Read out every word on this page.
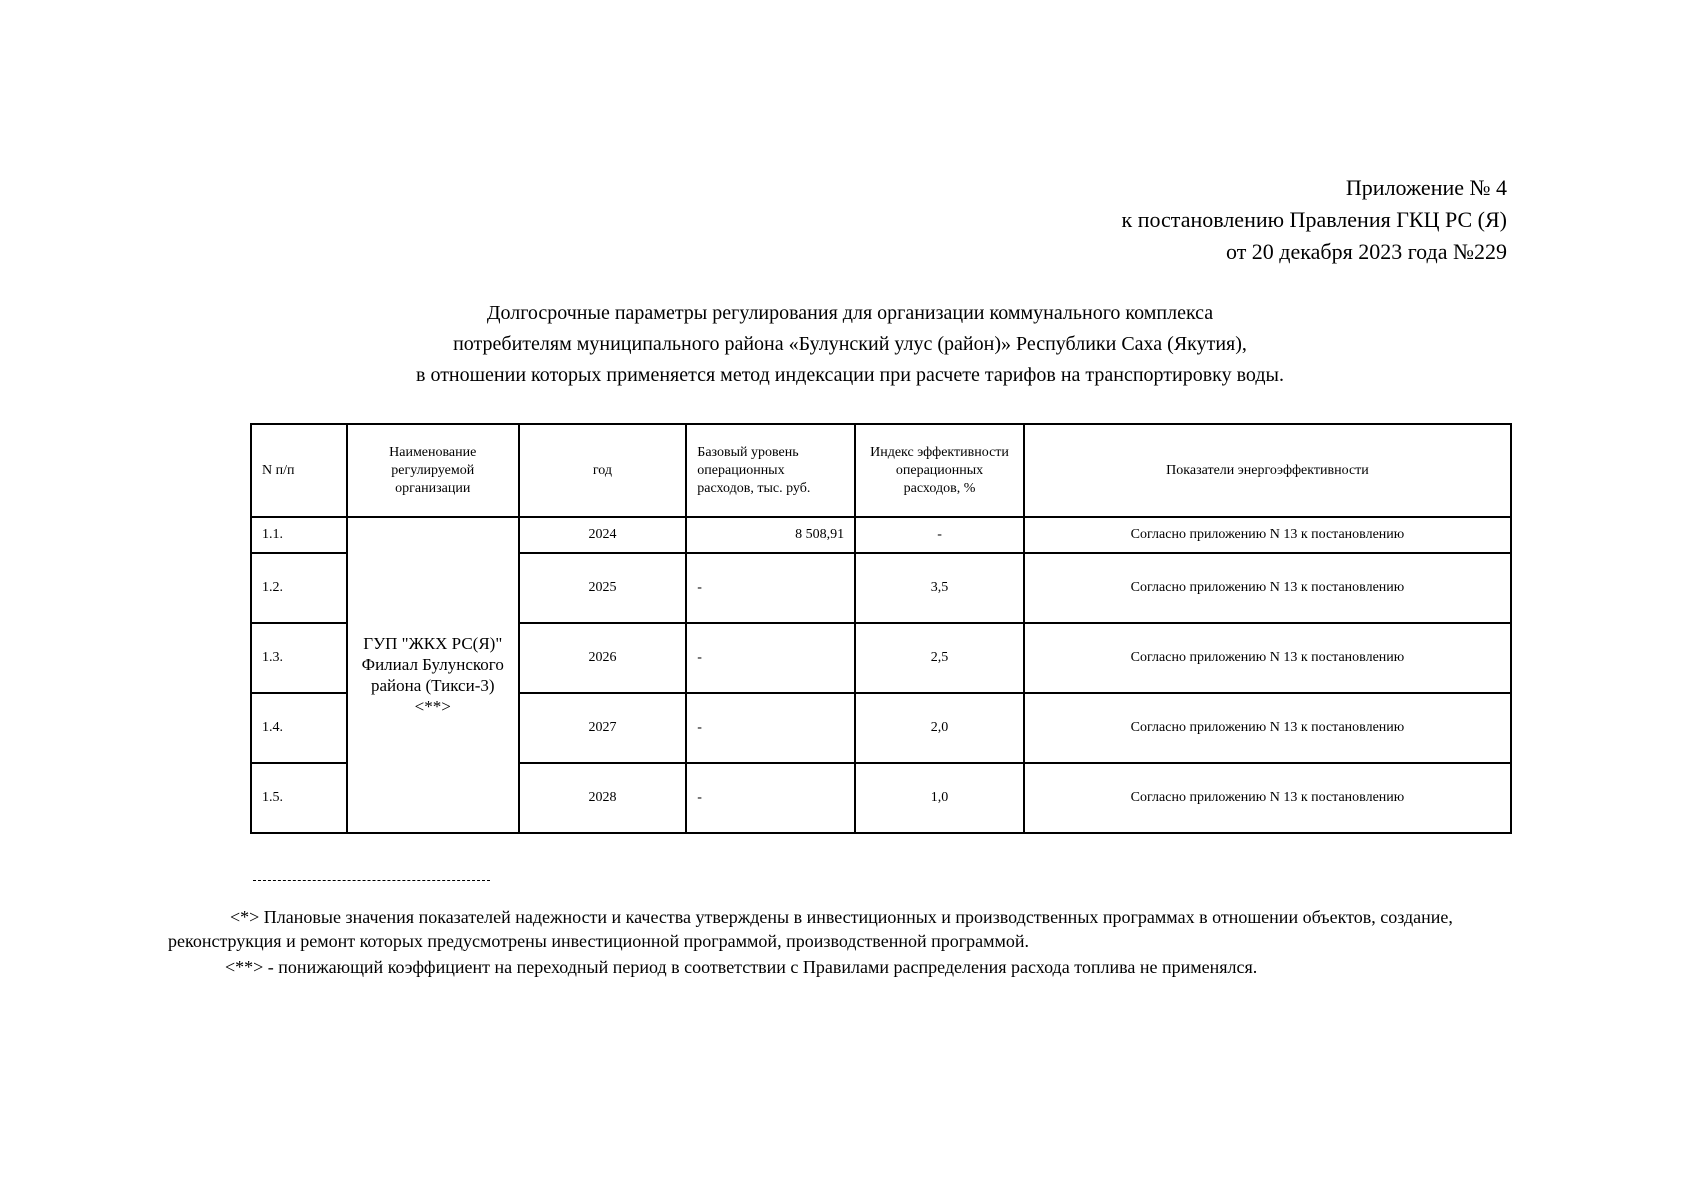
Приложение № 4
к постановлению Правления ГКЦ РС (Я)
от 20 декабря 2023 года №229
Долгосрочные параметры регулирования для организации коммунального комплекса
потребителям муниципального района «Булунский улус (район)» Республики Саха (Якутия),
в отношении которых применяется метод индексации при расчете тарифов на транспортировку воды.
N п/п	Наименование регулируемой организации	год	Базовый уровень операционных расходов, тыс. руб.	Индекс эффективности операционных расходов, %	Показатели энергоэффективности
1.1.	ГУП "ЖКХ РС(Я)" Филиал Булунского района (Тикси-3) <**>	2024	8 508,91	-	Согласно приложению N 13 к постановлению
1.2.		2025	-	3,5	Согласно приложению N 13 к постановлению
1.3.		2026	-	2,5	Согласно приложению N 13 к постановлению
1.4.		2027	-	2,0	Согласно приложению N 13 к постановлению
1.5.		2028	-	1,0	Согласно приложению N 13 к постановлению

<*> Плановые значения показателей надежности и качества утверждены в инвестиционных и производственных программах в отношении объектов, создание, реконструкция и ремонт которых предусмотрены инвестиционной программой, производственной программой.

<**> - понижающий коэффициент на переходный период в соответствии с Правилами распределения расхода топлива не применялся.
